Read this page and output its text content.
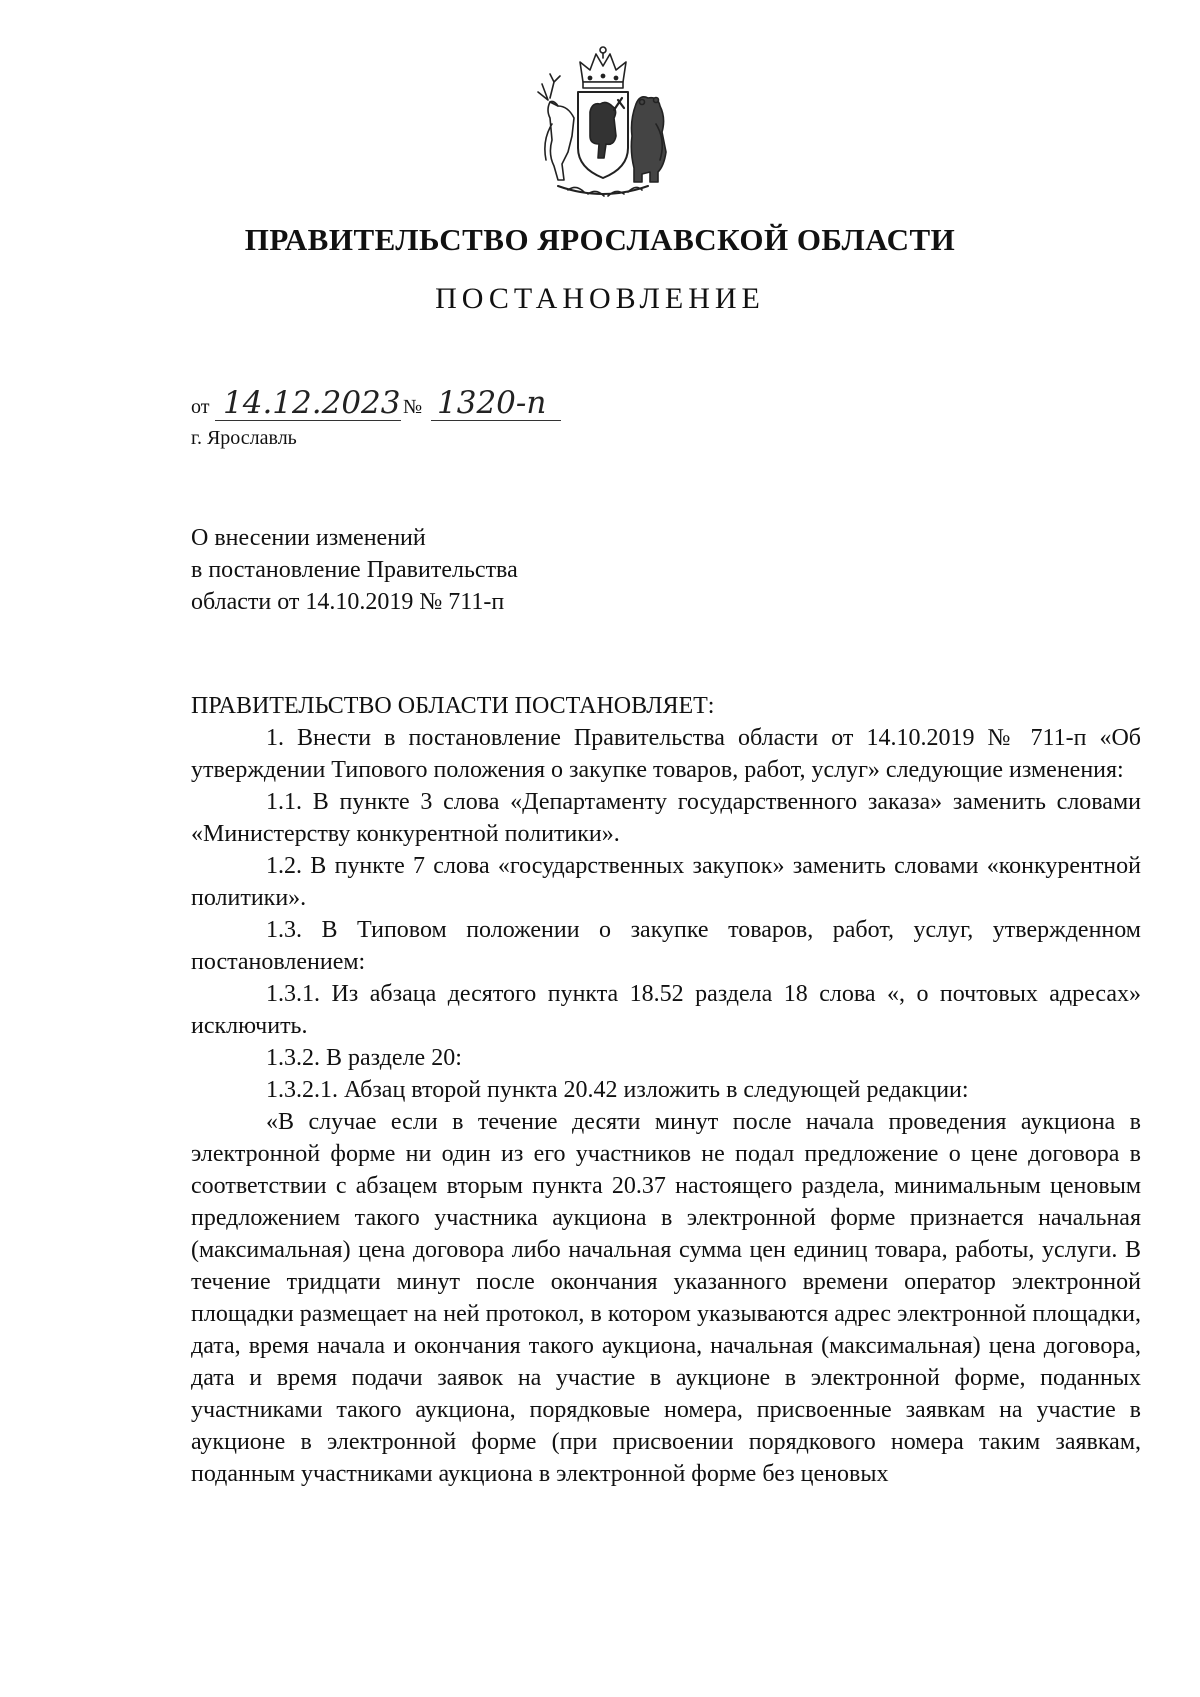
ПРАВИТЕЛЬСТВО ЯРОСЛАВСКОЙ ОБЛАСТИ
ПОСТАНОВЛЕНИЕ
от 14.12.2023 № 1320-п
г. Ярославль
О внесении изменений
в постановление Правительства
области от 14.10.2019 № 711-п

ПРАВИТЕЛЬСТВО ОБЛАСТИ ПОСТАНОВЛЯЕТ:

1. Внести в постановление Правительства области от 14.10.2019 № 711-п «Об утверждении Типового положения о закупке товаров, работ, услуг» следующие изменения:

1.1. В пункте 3 слова «Департаменту государственного заказа» заменить словами «Министерству конкурентной политики».

1.2. В пункте 7 слова «государственных закупок» заменить словами «конкурентной политики».

1.3. В Типовом положении о закупке товаров, работ, услуг, утвержденном постановлением:

1.3.1. Из абзаца десятого пункта 18.52 раздела 18 слова «, о почтовых адресах» исключить.

1.3.2. В разделе 20:

1.3.2.1. Абзац второй пункта 20.42 изложить в следующей редакции:

«В случае если в течение десяти минут после начала проведения аукциона в электронной форме ни один из его участников не подал предложение о цене договора в соответствии с абзацем вторым пункта 20.37 настоящего раздела, минимальным ценовым предложением такого участника аукциона в электронной форме признается начальная (максимальная) цена договора либо начальная сумма цен единиц товара, работы, услуги. В течение тридцати минут после окончания указанного времени оператор электронной площадки размещает на ней протокол, в котором указываются адрес электронной площадки, дата, время начала и окончания такого аукциона, начальная (максимальная) цена договора, дата и время подачи заявок на участие в аукционе в электронной форме, поданных участниками такого аукциона, порядковые номера, присвоенные заявкам на участие в аукционе в электронной форме (при присвоении порядкового номера таким заявкам, поданным участниками аукциона в электронной форме без ценовых
